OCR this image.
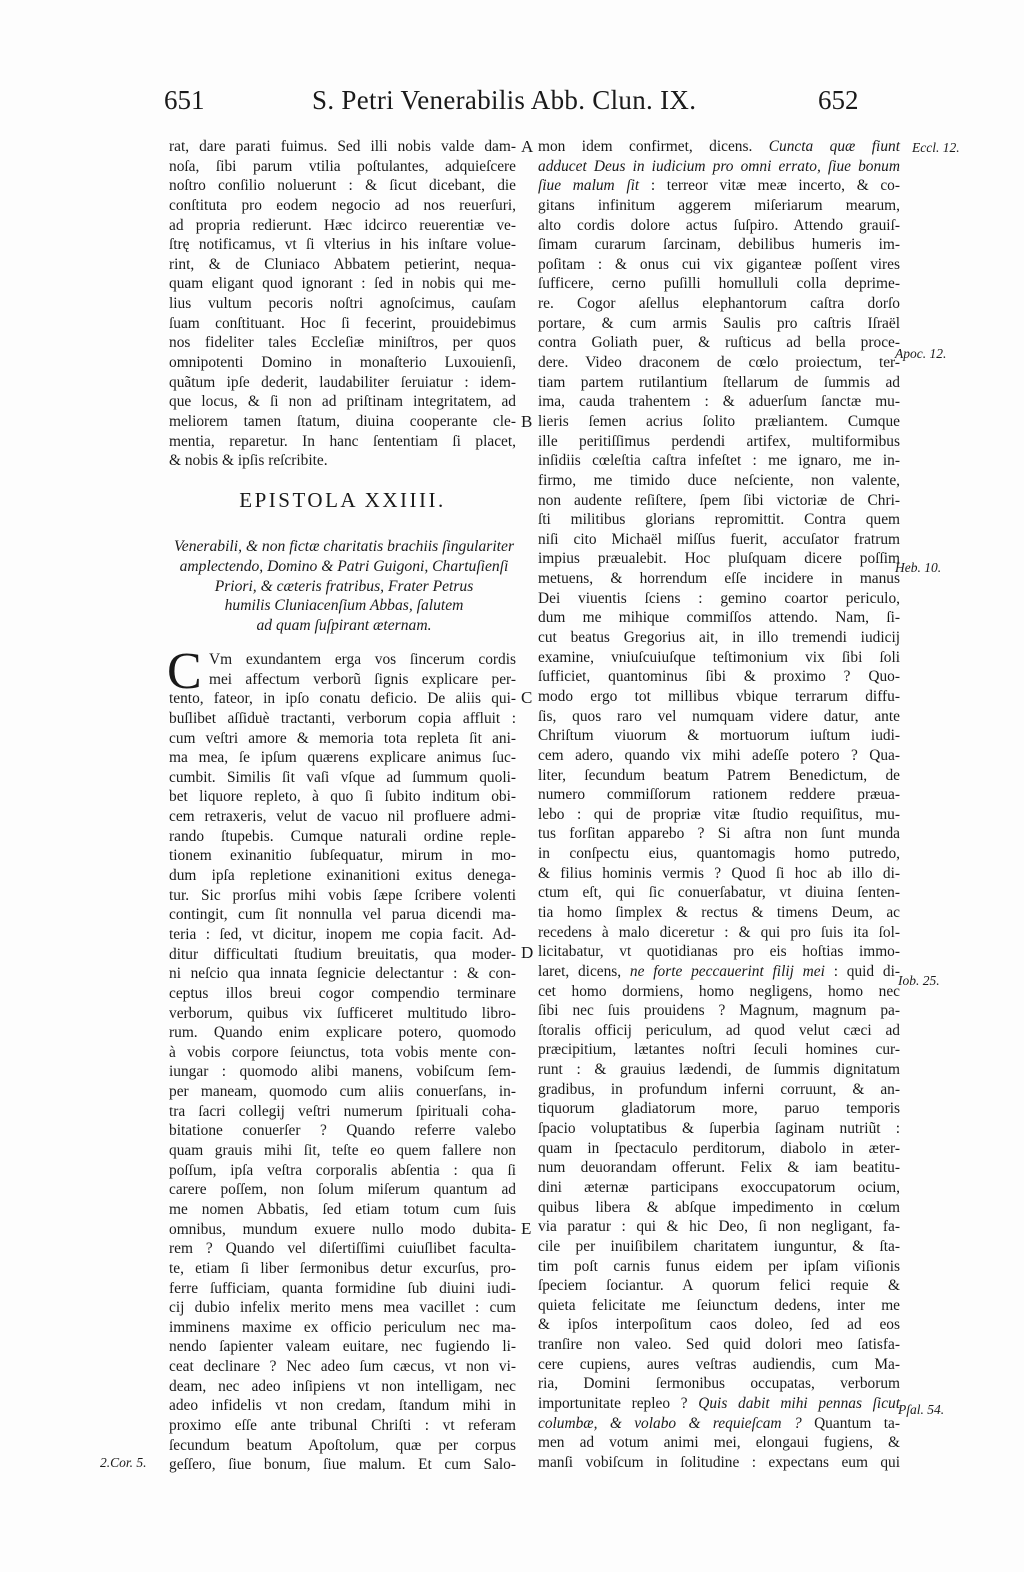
651	S. Petri Venerabilis Abb. Clun. IX.	652
rat, dare parati fuimus. Sed illi nobis valde dam-
noſa, ſibi parum vtilia poſtulantes, adquieſcere
noſtro conſilio noluerunt : & ſicut dicebant, die
conſtituta pro eodem negocio ad nos reuerſuri,
ad propria redierunt. Hæc idcirco reuerentiæ ve-
ſtrę notificamus, vt ſi vlterius in his inſtare volue-
rint, & de Cluniaco Abbatem petierint, nequa-
quam eligant quod ignorant : ſed in nobis qui me-
lius vultum pecoris noſtri agnoſcimus, cauſam
ſuam conſtituant. Hoc ſi fecerint, prouidebimus
nos fideliter tales Eccleſiæ miniſtros, per quos
omnipotenti Domino in monaſterio Luxouienſi,
quãtum ipſe dederit, laudabiliter ſeruiatur : idem-
que locus, & ſi non ad priſtinam integritatem, ad
meliorem tamen ſtatum, diuina cooperante cle-
mentia, reparetur. In hanc ſententiam ſi placet,
& nobis & ipſis reſcribite.
EPISTOLA XXIIII.
Venerabili, & non fictæ charitatis brachiis ſingulariter
amplectendo, Domino & Patri Guigoni, Chartuſienſi
Priori, & cæteris fratribus, Frater Petrus
humilis Cluniacenſium Abbas, ſalutem
ad quam ſuſpirant æternam.
C Vm exundantem erga vos ſincerum cordis
mei affectum verborũ ſignis explicare per-
tento, fateor, in ipſo conatu deficio. De aliis qui-
buſlibet aſſiduè tractanti, verborum copia affluit :
cum veſtri amore & memoria tota repleta ſit ani-
ma mea, ſe ipſum quærens explicare animus ſuc-
cumbit. Similis ſit vaſi vſque ad ſummum quoli-
bet liquore repleto, à quo ſi ſubito inditum obi-
cem retraxeris, velut de vacuo nil profluere admi-
rando ſtupebis. Cumque naturali ordine reple-
tionem exinanitio ſubſequatur, mirum in mo-
dum ipſa repletione exinanitioni exitus denega-
tur. Sic prorſus mihi vobis ſæpe ſcribere volenti
contingit, cum ſit nonnulla vel parua dicendi ma-
teria : ſed, vt dicitur, inopem me copia facit. Ad-
ditur difficultati ſtudium breuitatis, qua moder-
ni neſcio qua innata ſegnicie delectantur : & con-
ceptus illos breui cogor compendio terminare
verborum, quibus vix ſufficeret multitudo libro-
rum. Quando enim explicare potero, quomodo
à vobis corpore ſeiunctus, tota vobis mente con-
iungar : quomodo alibi manens, vobiſcum ſem-
per maneam, quomodo cum aliis conuerſans, in-
tra ſacri collegij veſtri numerum ſpirituali coha-
bitatione conuerſer ? Quando referre valebo
quam grauis mihi ſit, teſte eo quem fallere non
poſſum, ipſa veſtra corporalis abſentia : qua ſi
carere poſſem, non ſolum miſerum quantum ad
me nomen Abbatis, ſed etiam totum cum ſuis
omnibus, mundum exuere nullo modo dubita-
rem ? Quando vel diſertiſſimi cuiuſlibet faculta-
te, etiam ſi liber ſermonibus detur excurſus, pro-
ferre ſufficiam, quanta formidine ſub diuini iudi-
cij dubio infelix merito mens mea vacillet : cum
imminens maxime ex officio periculum nec ma-
nendo ſapienter valeam euitare, nec fugiendo li-
ceat declinare ? Nec adeo ſum cæcus, vt non vi-
deam, nec adeo inſipiens vt non intelligam, nec
adeo infidelis vt non credam, ſtandum mihi in
proximo eſſe ante tribunal Chriſti : vt referam
ſecundum beatum Apoſtolum, quæ per corpus
geſſero, ſiue bonum, ſiue malum. Et cum Salo-
mon idem confirmet, dicens. Cuncta quæ fiunt
adducet Deus in iudicium pro omni errato, ſiue bonum
ſiue malum ſit : terreor vitæ meæ incerto, & co-
gitans infinitum aggerem miſeriarum mearum,
alto cordis dolore actus ſuſpiro. Attendo grauiſ-
ſimam curarum ſarcinam, debilibus humeris im-
poſitam : & onus cui vix giganteæ poſſent vires
ſufficere, cerno puſilli homulluli colla deprime-
re. Cogor aſellus elephantorum caſtra dorſo
portare, & cum armis Saulis pro caſtris Iſraël
contra Goliath puer, & ruſticus ad bella proce-
dere. Video draconem de cœlo proiectum, ter-
tiam partem rutilantium ſtellarum de ſummis ad
ima, cauda trahentem : & aduerſum ſanctæ mu-
lieris ſemen acrius ſolito præliantem. Cumque
ille peritiſſimus perdendi artifex, multiformibus
inſidiis cœleſtia caſtra infeſtet : me ignaro, me in-
firmo, me timido duce neſciente, non valente,
non audente reſiſtere, ſpem ſibi victoriæ de Chri-
ſti militibus glorians repromittit. Contra quem
niſi cito Michaël miſſus fuerit, accuſator fratrum
impius præualebit. Hoc pluſquam dicere poſſim
metuens, & horrendum eſſe incidere in manus
Dei viuentis ſciens : gemino coartor periculo,
dum me mihique commiſſos attendo. Nam, ſi-
cut beatus Gregorius ait, in illo tremendi iudicij
examine, vniuſcuiuſque teſtimonium vix ſibi ſoli
ſufficiet, quantominus ſibi & proximo ? Quo-
modo ergo tot millibus vbique terrarum diffu-
ſis, quos raro vel numquam videre datur, ante
Chriſtum viuorum & mortuorum iuſtum iudi-
cem adero, quando vix mihi adeſſe potero ? Qua-
liter, ſecundum beatum Patrem Benedictum, de
numero commiſſorum rationem reddere præua-
lebo : qui de propriæ vitæ ſtudio requiſitus, mu-
tus forſitan apparebo ? Si aſtra non ſunt munda
in conſpectu eius, quantomagis homo putredo,
& filius hominis vermis ? Quod ſi hoc ab illo di-
ctum eſt, qui ſic conuerſabatur, vt diuina ſenten-
tia homo ſimplex & rectus & timens Deum, ac
recedens à malo diceretur : & qui pro ſuis ita ſol-
licitabatur, vt quotidianas pro eis hoſtias immo-
laret, dicens, ne forte peccauerint filij mei : quid di-
cet homo dormiens, homo negligens, homo nec
ſibi nec ſuis prouidens ? Magnum, magnum pa-
ſtoralis officij periculum, ad quod velut cæci ad
præcipitium, lætantes noſtri ſeculi homines cur-
runt : & grauius lædendi, de ſummis dignitatum
gradibus, in profundum inferni corruunt, & an-
tiquorum gladiatorum more, paruo temporis
ſpacio voluptatibus & ſuperbia ſaginam nutriũt :
quam in ſpectaculo perditorum, diabolo in æter-
num deuorandam offerunt. Felix & iam beatitu-
dini æternæ participans exoccupatorum ocium,
quibus libera & abſque impedimento in cœlum
via paratur : qui & hic Deo, ſi non negligant, fa-
cile per inuiſibilem charitatem iunguntur, & ſta-
tim poſt carnis funus eidem per ipſam viſionis
ſpeciem ſociantur. A quorum felici requie &
quieta felicitate me ſeiunctum dedens, inter me
& ipſos interpoſitum caos doleo, ſed ad eos
tranſire non valeo. Sed quid dolori meo ſatisfa-
cere cupiens, aures veſtras audiendis, cum Ma-
ria, Domini ſermonibus occupatas, verborum
importunitate repleo ? Quis dabit mihi pennas ſicut
columbæ, & volabo & requieſcam ? Quantum ta-
men ad votum animi mei, elongaui fugiens, &
manſi vobiſcum in ſolitudine : expectans eum qui
A
B
C
D
E
2.Cor. 5.
Eccl. 12.
Apoc. 12.
Heb. 10.
Iob. 25.
Pſal. 54.
